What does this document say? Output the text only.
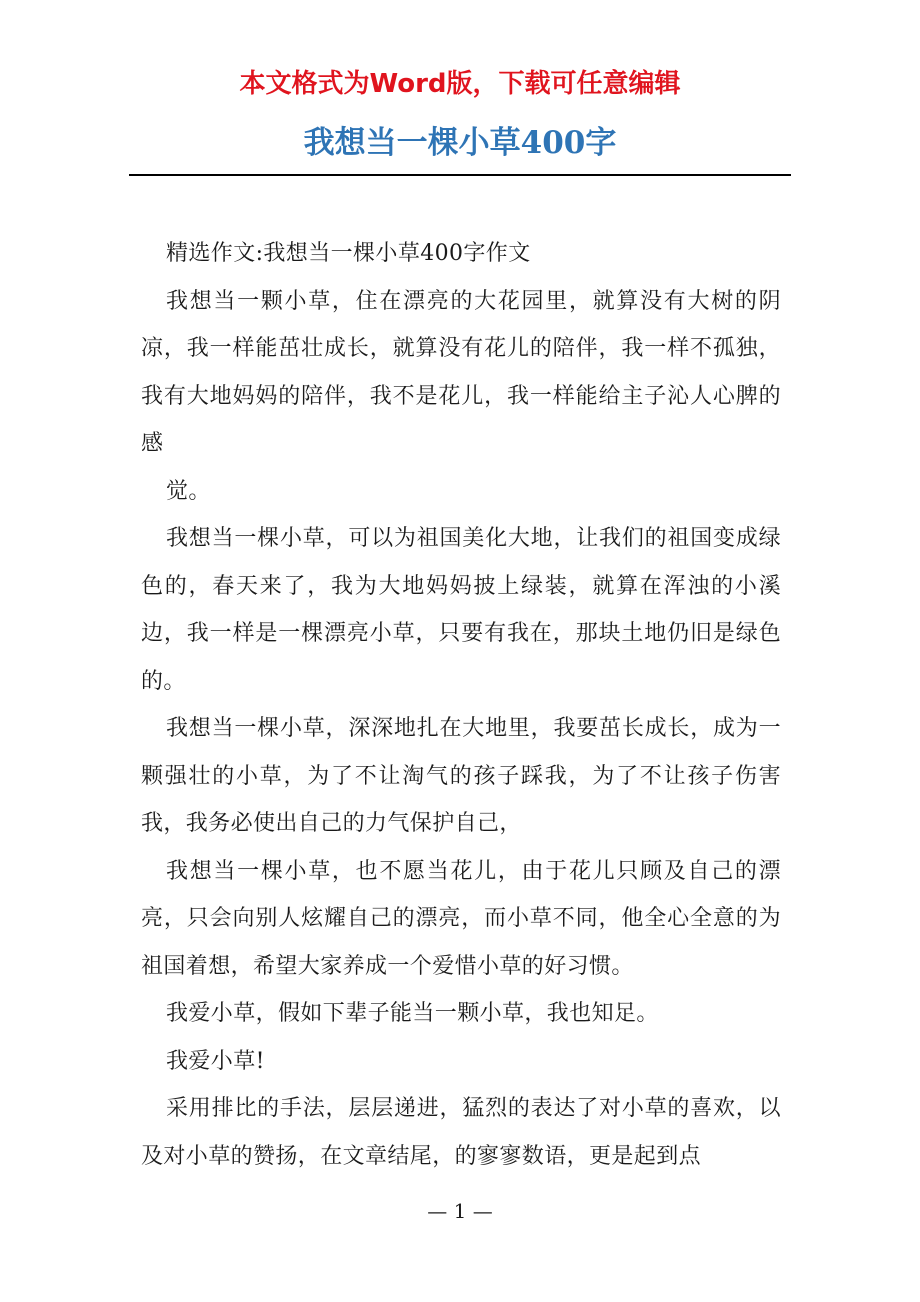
本文格式为Word版，下载可任意编辑
我想当一棵小草400字

精选作文:我想当一棵小草400字作文

我想当一颗小草，住在漂亮的大花园里，就算没有大树的阴凉，我一样能茁壮成长，就算没有花儿的陪伴，我一样不孤独，我有大地妈妈的陪伴，我不是花儿，我一样能给主子沁人心脾的感

觉。

我想当一棵小草，可以为祖国美化大地，让我们的祖国变成绿色的，春天来了，我为大地妈妈披上绿装，就算在浑浊的小溪边，我一样是一棵漂亮小草，只要有我在，那块土地仍旧是绿色的。

我想当一棵小草，深深地扎在大地里，我要茁长成长，成为一颗强壮的小草，为了不让淘气的孩子踩我，为了不让孩子伤害我，我务必使出自己的力气保护自己，

我想当一棵小草，也不愿当花儿，由于花儿只顾及自己的漂亮，只会向别人炫耀自己的漂亮，而小草不同，他全心全意的为祖国着想，希望大家养成一个爱惜小草的好习惯。

我爱小草，假如下辈子能当一颗小草，我也知足。

我爱小草!

采用排比的手法，层层递进，猛烈的表达了对小草的喜欢，以及对小草的赞扬，在文章结尾，的寥寥数语，更是起到点

— 1 —
